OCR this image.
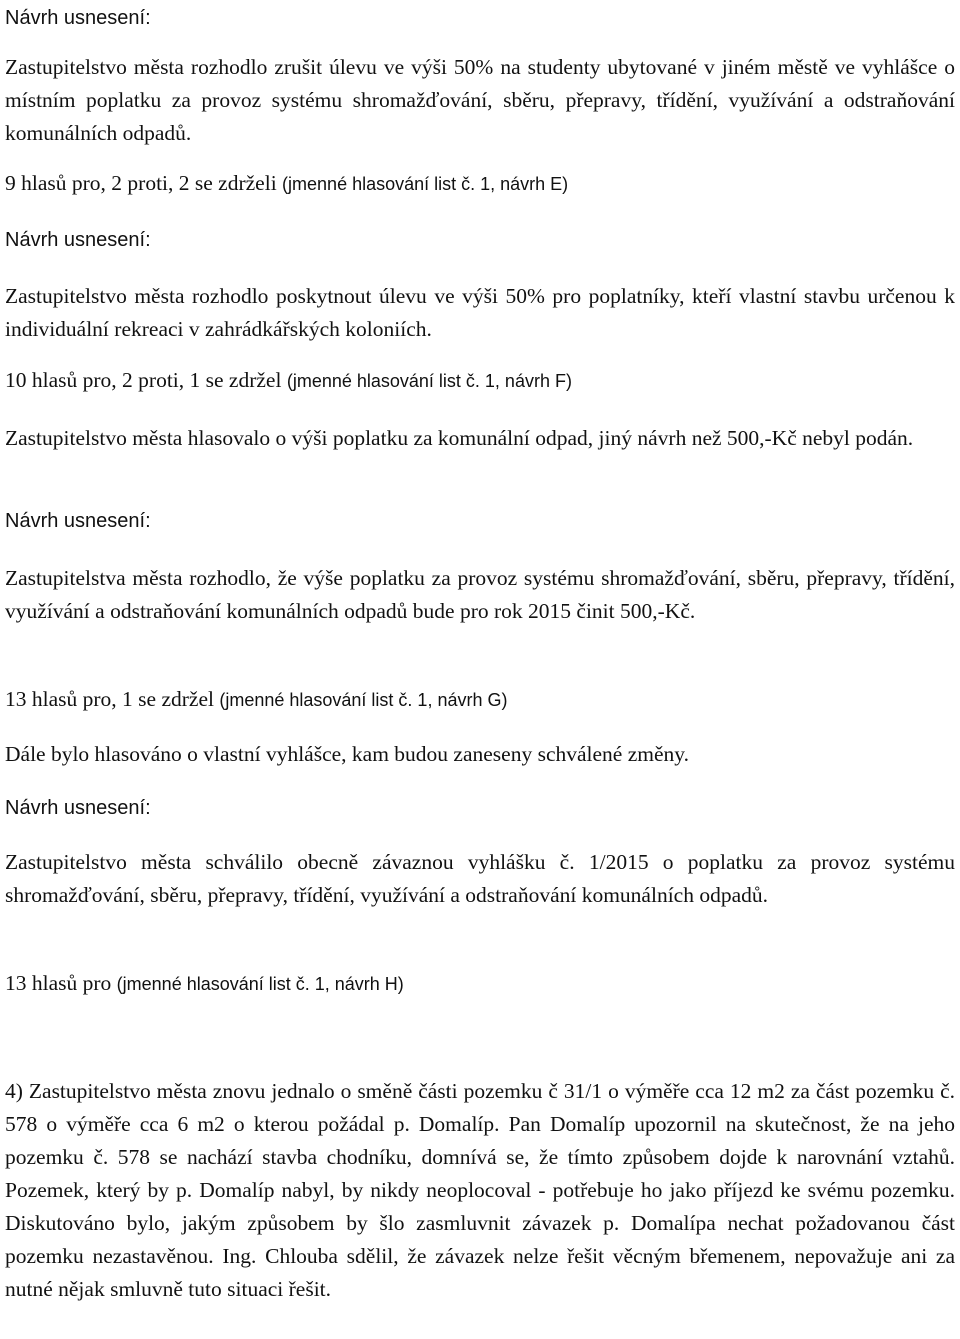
Návrh usnesení:

Zastupitelstvo města rozhodlo zrušit úlevu ve výši 50% na studenty ubytované v jiném městě ve vyhlášce o místním poplatku za provoz systému shromažďování, sběru, přepravy, třídění, využívání a odstraňování komunálních odpadů.

9 hlasů pro, 2 proti, 2 se zdrželi (jmenné hlasování list č. 1, návrh E)

Návrh usnesení:

Zastupitelstvo města rozhodlo poskytnout úlevu ve výši 50% pro poplatníky, kteří vlastní stavbu určenou k individuální rekreaci v zahrádkářských koloniích.

10 hlasů pro, 2 proti, 1 se zdržel (jmenné hlasování list č. 1, návrh F)

Zastupitelstvo města hlasovalo o výši poplatku za komunální odpad, jiný návrh než 500,-Kč nebyl podán.

Návrh usnesení:

Zastupitelstva města rozhodlo, že výše poplatku za provoz systému shromažďování, sběru, přepravy, třídění, využívání a odstraňování komunálních odpadů bude pro rok 2015 činit 500,-Kč.

13 hlasů pro, 1 se zdržel (jmenné hlasování list č. 1, návrh G)

Dále bylo hlasováno o vlastní vyhlášce, kam budou zaneseny schválené změny.

Návrh usnesení:

Zastupitelstvo města schválilo obecně závaznou vyhlášku č. 1/2015 o poplatku za provoz systému shromažďování, sběru, přepravy, třídění, využívání a odstraňování komunálních odpadů.

13 hlasů pro (jmenné hlasování list č. 1, návrh H)

4) Zastupitelstvo města znovu jednalo o směně části pozemku č 31/1 o výměře cca 12 m2 za část pozemku č. 578 o výměře cca 6 m2 o kterou požádal p. Domalíp. Pan Domalíp upozornil na skutečnost, že na jeho pozemku č. 578 se nachází stavba chodníku, domnívá se, že tímto způsobem dojde k narovnání vztahů. Pozemek, který by p. Domalíp nabyl, by nikdy neoplocoval - potřebuje ho jako příjezd ke svému pozemku. Diskutováno bylo, jakým způsobem by šlo zasmluvnit závazek p. Domalípa nechat požadovanou část pozemku nezastavěnou. Ing. Chlouba sdělil, že závazek nelze řešit věcným břemenem, nepovažuje ani za nutné nějak smluvně tuto situaci řešit.
